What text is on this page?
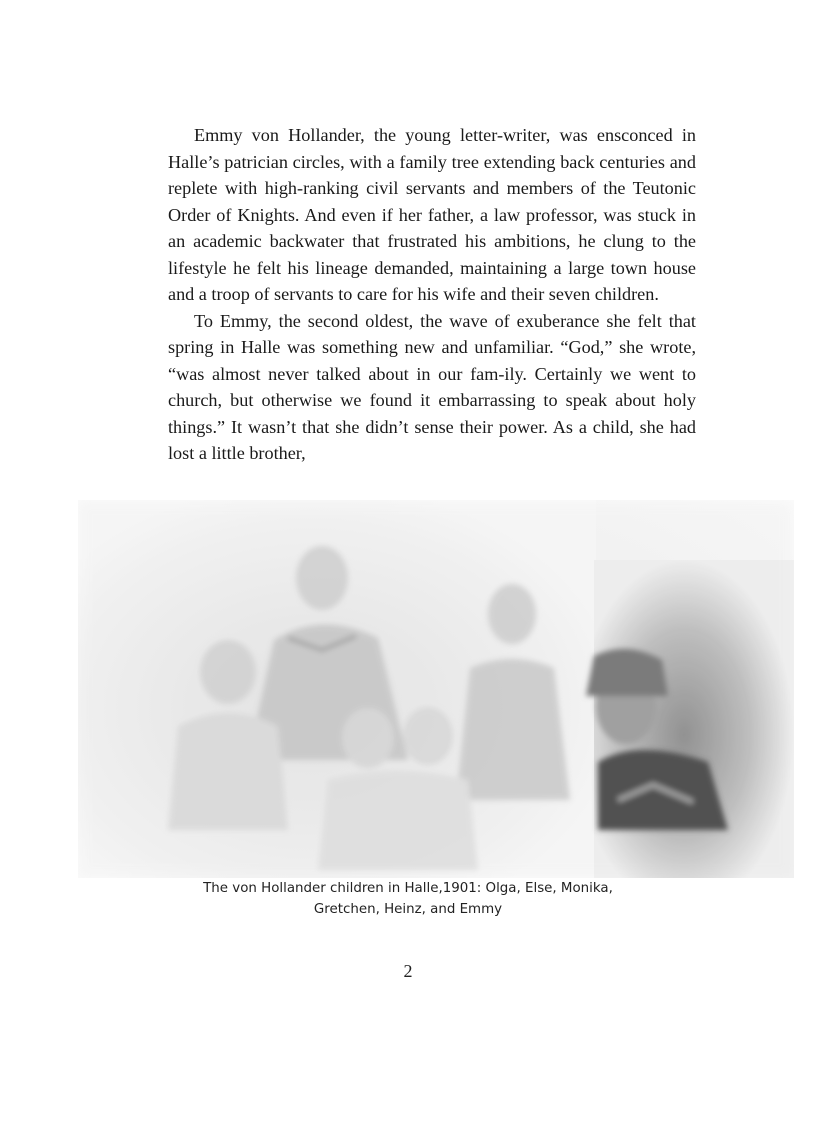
Emmy von Hollander, the young letter-writer, was ensconced in Halle’s patrician circles, with a family tree extending back centuries and replete with high-ranking civil servants and members of the Teutonic Order of Knights. And even if her father, a law professor, was stuck in an academic backwater that frustrated his ambitions, he clung to the lifestyle he felt his lineage demanded, maintaining a large town house and a troop of servants to care for his wife and their seven children.

To Emmy, the second oldest, the wave of exuberance she felt that spring in Halle was something new and unfamiliar. “God,” she wrote, “was almost never talked about in our fam-ily. Certainly we went to church, but otherwise we found it embarrassing to speak about holy things.” It wasn’t that she didn’t sense their power. As a child, she had lost a little brother,

The von Hollander children in Halle,1901: Olga, Else, Monika,
Gretchen, Heinz, and Emmy
2
